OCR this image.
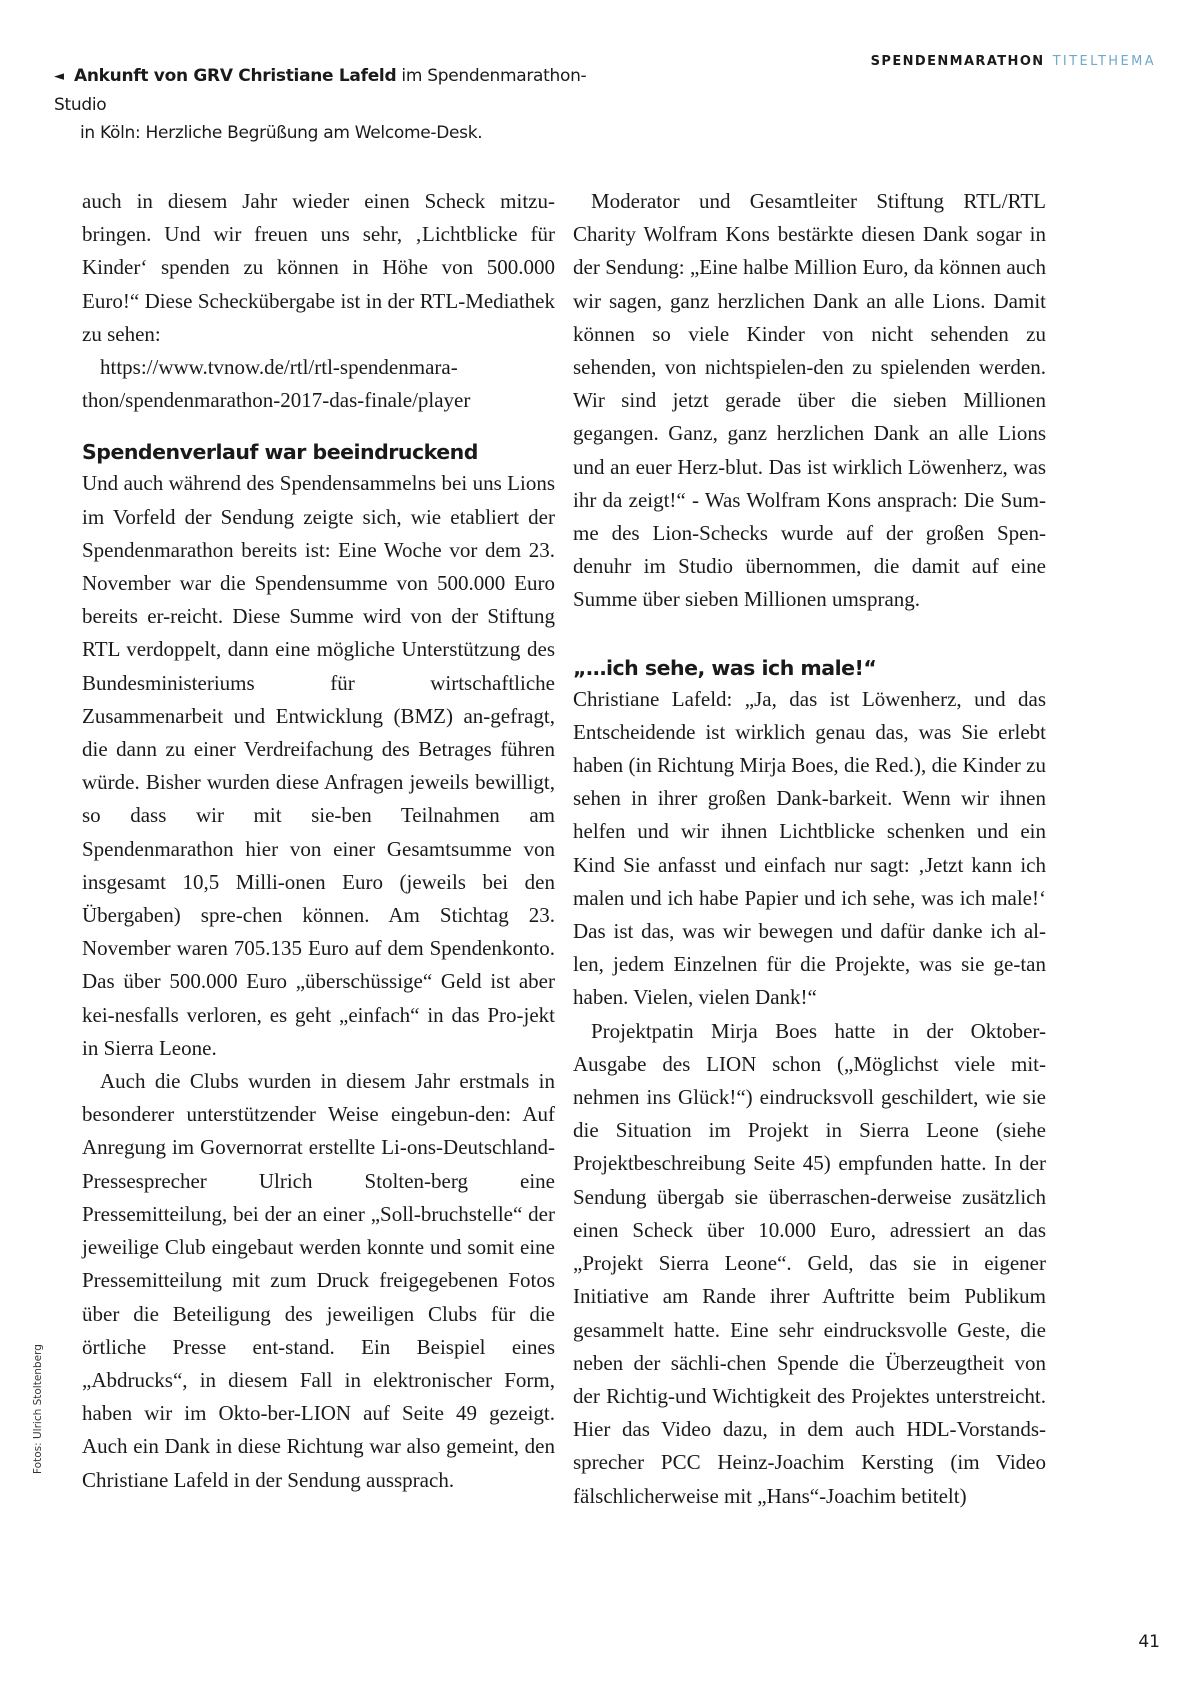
◄ Ankunft von GRV Christiane Lafeld im Spendenmarathon-Studio
in Köln: Herzliche Begrüßung am Welcome-Desk.
SPENDENMARATHON TITELTHEMA

auch in diesem Jahr wieder einen Scheck mitzu-bringen. Und wir freuen uns sehr, ‚Lichtblicke für Kinder‘ spenden zu können in Höhe von 500.000 Euro!“ Diese Scheckübergabe ist in der RTL-Mediathek zu sehen:

https://www.tvnow.de/rtl/rtl-spendenmara-thon/spendenmarathon-2017-das-finale/player
Spendenverlauf war beeindruckend

Und auch während des Spendensammelns bei uns Lions im Vorfeld der Sendung zeigte sich, wie etabliert der Spendenmarathon bereits ist: Eine Woche vor dem 23. November war die Spendensumme von 500.000 Euro bereits er-reicht. Diese Summe wird von der Stiftung RTL verdoppelt, dann eine mögliche Unterstützung des Bundesministeriums für wirtschaftliche Zusammenarbeit und Entwicklung (BMZ) an-gefragt, die dann zu einer Verdreifachung des Betrages führen würde. Bisher wurden diese Anfragen jeweils bewilligt, so dass wir mit sie-ben Teilnahmen am Spendenmarathon hier von einer Gesamtsumme von insgesamt 10,5 Milli-onen Euro (jeweils bei den Übergaben) spre-chen können. Am Stichtag 23. November waren 705.135 Euro auf dem Spendenkonto. Das über 500.000 Euro „überschüssige“ Geld ist aber kei-nesfalls verloren, es geht „einfach“ in das Pro-jekt in Sierra Leone.

Auch die Clubs wurden in diesem Jahr erstmals in besonderer unterstützender Weise eingebun-den: Auf Anregung im Governorrat erstellte Li-ons-Deutschland-Pressesprecher Ulrich Stolten-berg eine Pressemitteilung, bei der an einer „Soll-bruchstelle“ der jeweilige Club eingebaut werden konnte und somit eine Pressemitteilung mit zum Druck freigegebenen Fotos über die Beteiligung des jeweiligen Clubs für die örtliche Presse ent-stand. Ein Beispiel eines „Abdrucks“, in diesem Fall in elektronischer Form, haben wir im Okto-ber-LION auf Seite 49 gezeigt. Auch ein Dank in diese Richtung war also gemeint, den Christiane Lafeld in der Sendung aussprach.

Moderator und Gesamtleiter Stiftung RTL/RTL Charity Wolfram Kons bestärkte diesen Dank sogar in der Sendung: „Eine halbe Million Euro, da können auch wir sagen, ganz herzlichen Dank an alle Lions. Damit können so viele Kinder von nicht sehenden zu sehenden, von nichtspielen-den zu spielenden werden. Wir sind jetzt gerade über die sieben Millionen gegangen. Ganz, ganz herzlichen Dank an alle Lions und an euer Herz-blut. Das ist wirklich Löwenherz, was ihr da zeigt!“ - Was Wolfram Kons ansprach: Die Sum-me des Lion-Schecks wurde auf der großen Spen-denuhr im Studio übernommen, die damit auf eine Summe über sieben Millionen umsprang.

„…ich sehe, was ich male!“

Christiane Lafeld: „Ja, das ist Löwenherz, und das Entscheidende ist wirklich genau das, was Sie erlebt haben (in Richtung Mirja Boes, die Red.), die Kinder zu sehen in ihrer großen Dank-barkeit. Wenn wir ihnen helfen und wir ihnen Lichtblicke schenken und ein Kind Sie anfasst und einfach nur sagt: ‚Jetzt kann ich malen und ich habe Papier und ich sehe, was ich male!‘ Das ist das, was wir bewegen und dafür danke ich al-len, jedem Einzelnen für die Projekte, was sie ge-tan haben. Vielen, vielen Dank!“

Projektpatin Mirja Boes hatte in der Oktober-Ausgabe des LION schon („Möglichst viele mit-nehmen ins Glück!“) eindrucksvoll geschildert, wie sie die Situation im Projekt in Sierra Leone (siehe Projektbeschreibung Seite 45) empfunden hatte. In der Sendung übergab sie überraschen-derweise zusätzlich einen Scheck über 10.000 Euro, adressiert an das „Projekt Sierra Leone“. Geld, das sie in eigener Initiative am Rande ihrer Auftritte beim Publikum gesammelt hatte. Eine sehr eindrucksvolle Geste, die neben der sächli-chen Spende die Überzeugtheit von der Richtig-und Wichtigkeit des Projektes unterstreicht. Hier das Video dazu, in dem auch HDL-Vorstands-sprecher PCC Heinz-Joachim Kersting (im Video fälschlicherweise mit „Hans“-Joachim betitelt)

Fotos: Ulrich Stoltenberg
41
